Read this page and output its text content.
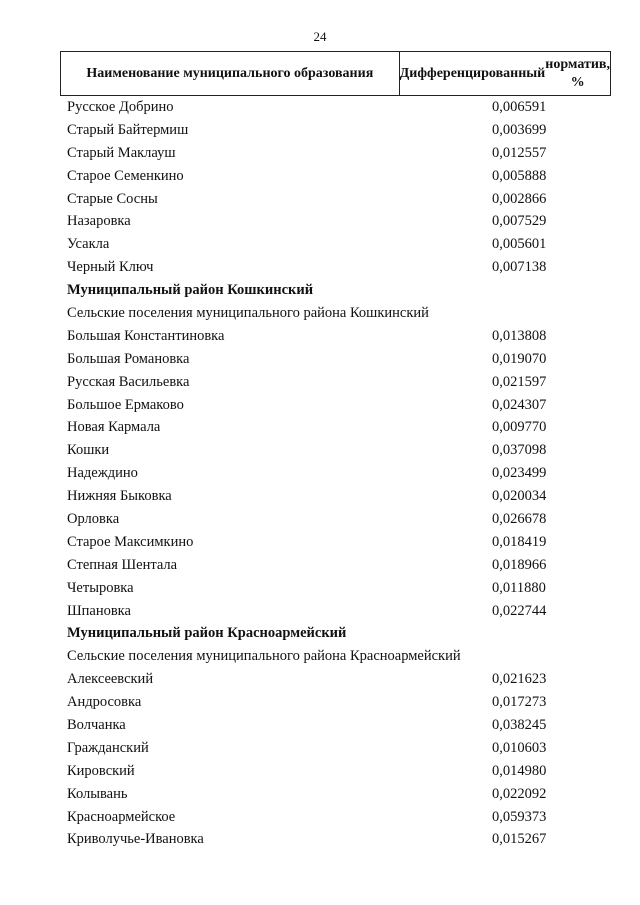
24
Наименование муниципального образования	Дифференцированный

норматив, %
Русское Добрино	0,006591
Старый Байтермиш	0,003699
Старый Маклауш	0,012557
Старое Семенкино	0,005888
Старые Сосны	0,002866
Назаровка	0,007529
Усакла	0,005601
Черный Ключ	0,007138
Муниципальный район Кошкинский
Сельские поселения муниципального района Кошкинский
Большая Константиновка	0,013808
Большая Романовка	0,019070
Русская Васильевка	0,021597
Большое Ермаково	0,024307
Новая Кармала	0,009770
Кошки	0,037098
Надеждино	0,023499
Нижняя Быковка	0,020034
Орловка	0,026678
Старое Максимкино	0,018419
Степная Шентала	0,018966
Четыровка	0,011880
Шпановка	0,022744
Муниципальный район Красноармейский
Сельские поселения муниципального района Красноармейский
Алексеевский	0,021623
Андросовка	0,017273
Волчанка	0,038245
Гражданский	0,010603
Кировский	0,014980
Колывань	0,022092
Красноармейское	0,059373
Криволучье-Ивановка	0,015267
